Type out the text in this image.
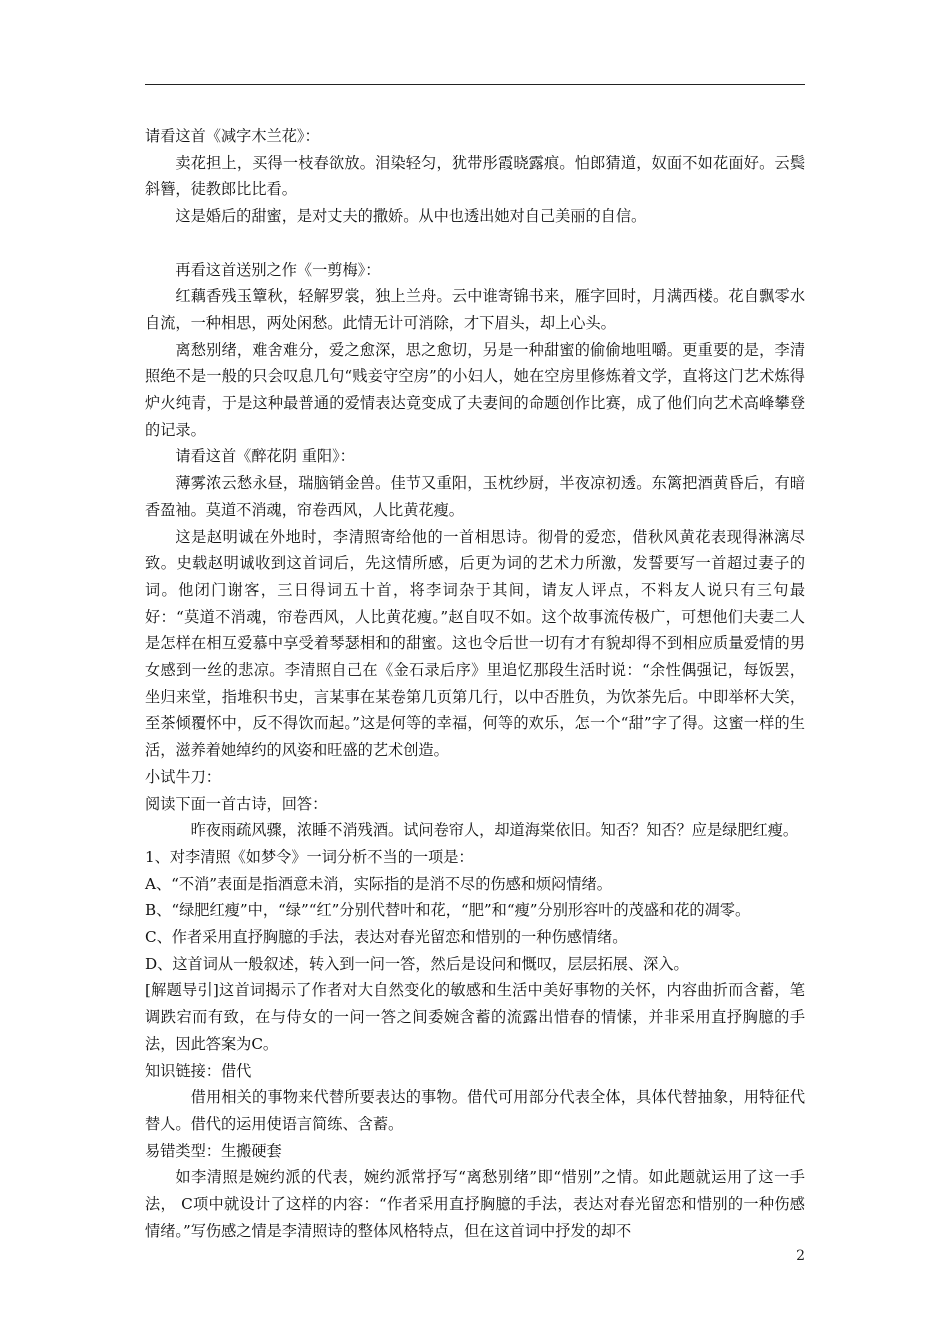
请看这首《减字木兰花》：

卖花担上，买得一枝春欲放。泪染轻匀，犹带彤霞晓露痕。怕郎猜道，奴面不如花面好。云鬓斜簪，徒教郎比比看。

这是婚后的甜蜜，是对丈夫的撒娇。从中也透出她对自己美丽的自信。

再看这首送别之作《一剪梅》：

红藕香残玉簟秋，轻解罗裳，独上兰舟。云中谁寄锦书来，雁字回时，月满西楼。花自飘零水自流，一种相思，两处闲愁。此情无计可消除，才下眉头，却上心头。

离愁别绪，难舍难分，爱之愈深，思之愈切，另是一种甜蜜的偷偷地咀嚼。更重要的是，李清照绝不是一般的只会叹息几句“贱妾守空房”的小妇人，她在空房里修炼着文学，直将这门艺术炼得炉火纯青，于是这种最普通的爱情表达竟变成了夫妻间的命题创作比赛，成了他们向艺术高峰攀登的记录。

请看这首《醉花阴 重阳》：

薄雾浓云愁永昼，瑞脑销金兽。佳节又重阳，玉枕纱厨，半夜凉初透。东篱把酒黄昏后，有暗香盈袖。莫道不消魂，帘卷西风，人比黄花瘦。

这是赵明诚在外地时，李清照寄给他的一首相思诗。彻骨的爱恋，借秋风黄花表现得淋漓尽致。史载赵明诚收到这首词后，先这情所感，后更为词的艺术力所激，发誓要写一首超过妻子的词。他闭门谢客，三日得词五十首，将李词杂于其间，请友人评点，不料友人说只有三句最好：“莫道不消魂，帘卷西风，人比黄花瘦。”赵自叹不如。这个故事流传极广，可想他们夫妻二人是怎样在相互爱慕中享受着琴瑟相和的甜蜜。这也令后世一切有才有貌却得不到相应质量爱情的男女感到一丝的悲凉。李清照自己在《金石录后序》里追忆那段生活时说：“余性偶强记，每饭罢，坐归来堂，指堆积书史，言某事在某卷第几页第几行，以中否胜负，为饮茶先后。中即举杯大笑，至茶倾覆怀中，反不得饮而起。”这是何等的幸福，何等的欢乐，怎一个“甜”字了得。这蜜一样的生活，滋养着她绰约的风姿和旺盛的艺术创造。

小试牛刀：

阅读下面一首古诗，回答：

昨夜雨疏风骤，浓睡不消残酒。试问卷帘人，却道海棠依旧。知否？知否？应是绿肥红瘦。

1、对李清照《如梦令》一词分析不当的一项是：

A、“不消”表面是指酒意未消，实际指的是消不尽的伤感和烦闷情绪。

B、“绿肥红瘦”中，“绿”“红”分别代替叶和花，“肥”和“瘦”分别形容叶的茂盛和花的凋零。

C、作者采用直抒胸臆的手法，表达对春光留恋和惜别的一种伤感情绪。

D、这首词从一般叙述，转入到一问一答，然后是设问和慨叹，层层拓展、深入。

[解题导引]这首词揭示了作者对大自然变化的敏感和生活中美好事物的关怀，内容曲折而含蓄，笔调跌宕而有致，在与侍女的一问一答之间委婉含蓄的流露出惜春的情愫，并非采用直抒胸臆的手法，因此答案为C。

知识链接：借代

借用相关的事物来代替所要表达的事物。借代可用部分代表全体，具体代替抽象，用特征代替人。借代的运用使语言简练、含蓄。

易错类型：生搬硬套

如李清照是婉约派的代表，婉约派常抒写“离愁别绪”即“惜别”之情。如此题就运用了这一手法， C项中就设计了这样的内容：“作者采用直抒胸臆的手法，表达对春光留恋和惜别的一种伤感情绪。”写伤感之情是李清照诗的整体风格特点，但在这首词中抒发的却不

2
